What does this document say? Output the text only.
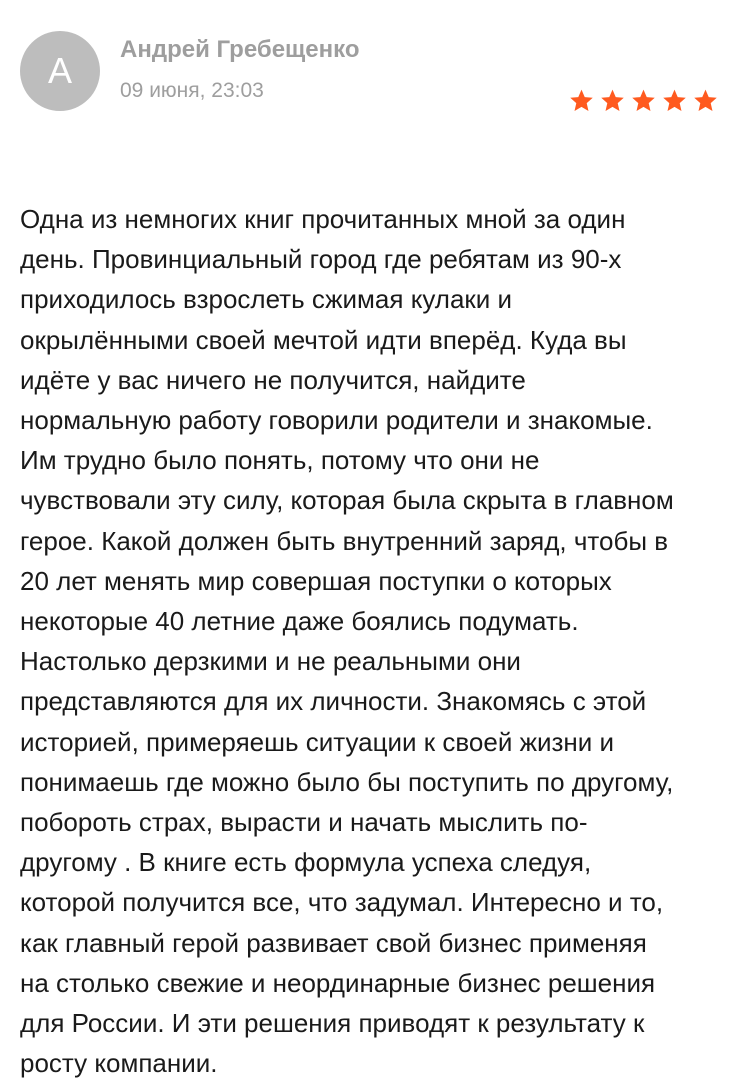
А
Андрей Гребещенко
09 июня, 23:03

Одна из немногих книг прочитанных мной за один
день. Провинциальный город где ребятам из 90-х
приходилось взрослеть сжимая кулаки и
окрылёнными своей мечтой идти вперёд. Куда вы
идёте у вас ничего не получится, найдите
нормальную работу говорили родители и знакомые.
Им трудно было понять, потому что они не
чувствовали эту силу, которая была скрыта в главном
герое. Какой должен быть внутренний заряд, чтобы в
20 лет менять мир совершая поступки о которых
некоторые 40 летние даже боялись подумать.
Настолько дерзкими и не реальными они
представляются для их личности. Знакомясь с этой
историей, примеряешь ситуации к своей жизни и
понимаешь где можно было бы поступить по другому,
побороть страх, вырасти и начать мыслить по-
другому . В книге есть формула успеха следуя,
которой получится все, что задумал. Интересно и то,
как главный герой развивает свой бизнес применяя
на столько свежие и неординарные бизнес решения
для России. И эти решения приводят к результату к
росту компании.
